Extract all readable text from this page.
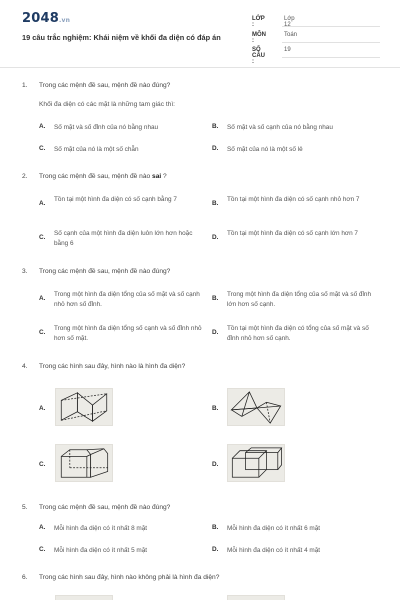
2048.vn
19 câu trắc nghiệm: Khái niệm về khối đa diện có đáp án
LỚP :
Lớp 12
MÔN :
Toán
SỐ CÂU :
19
1. Trong các mệnh đề sau, mệnh đề nào đúng?
Khối đa diện có các mặt là những tam giác thì:
A. Số mặt và số đỉnh của nó bằng nhau	B. Số mặt và số cạnh của nó bằng nhau
C. Số mặt của nó là một số chẵn	D. Số mặt của nó là một số lẻ
2. Trong các mệnh đề sau, mệnh đề nào sai ?
A.
Tồn tại một hình đa diện có số cạnh bằng 7
B.
Tồn tại một hình đa diện có số cạnh nhỏ hơn 7
C.
Số cạnh của một hình đa diện luôn lớn hơn hoặc bằng 6
D.
Tồn tại một hình đa diện có số cạnh lớn hơn 7
3. Trong các mệnh đề sau, mệnh đề nào đúng?
A.
Trong một hình đa diện tổng của số mặt và số cạnh nhỏ hơn số đỉnh.
B.
Trong một hình đa diện tổng của số mặt và số đỉnh lớn hơn số cạnh.
C.
Trong một hình đa diện tổng số cạnh và số đỉnh nhỏ hơn số mặt.
D.
Tồn tại một hình đa diện có tổng của số mặt và số đỉnh nhỏ hơn số cạnh.
4. Trong các hình sau đây, hình nào là hình đa diện?
A.	B.
C.	D.
5. Trong các mệnh đề sau, mệnh đề nào đúng?
A. Mỗi hình đa diện có ít nhất 8 mặt	B. Mỗi hình đa diện có ít nhất 6 mặt
C. Mỗi hình đa diện có ít nhất 5 mặt	D. Mỗi hình đa diện có ít nhất 4 mặt
6. Trong các hình sau đây, hình nào không phải là hình đa diện?
